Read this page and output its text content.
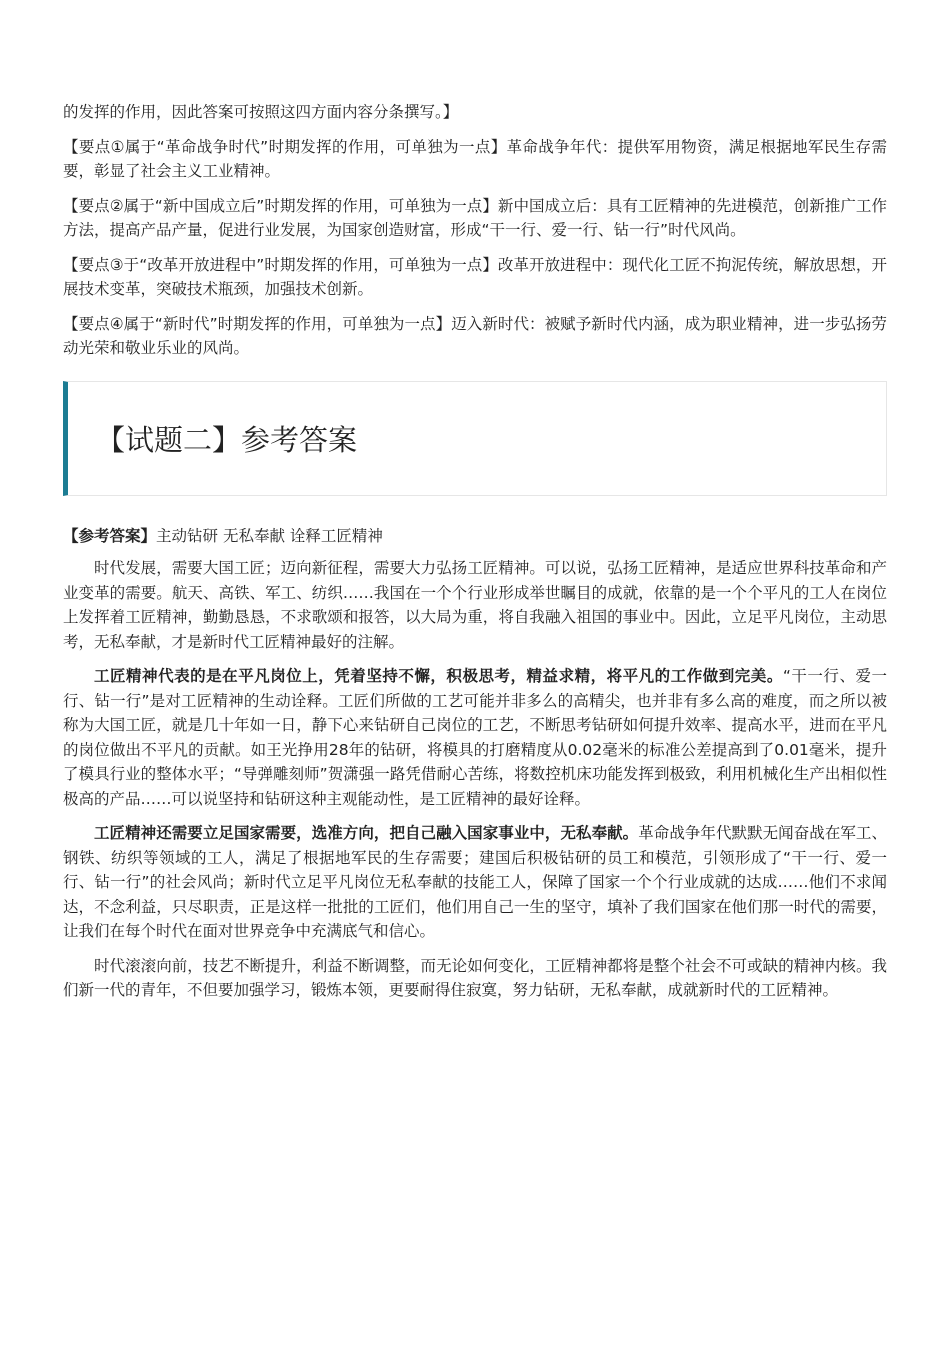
的发挥的作用，因此答案可按照这四方面内容分条撰写。】

【要点①属于“革命战争时代”时期发挥的作用，可单独为一点】革命战争年代：提供军用物资，满足根据地军民生存需要，彰显了社会主义工业精神。

【要点②属于“新中国成立后”时期发挥的作用，可单独为一点】新中国成立后：具有工匠精神的先进模范，创新推广工作方法，提高产品产量，促进行业发展，为国家创造财富，形成“干一行、爱一行、钻一行”时代风尚。

【要点③于“改革开放进程中”时期发挥的作用，可单独为一点】改革开放进程中：现代化工匠不拘泥传统，解放思想，开展技术变革，突破技术瓶颈，加强技术创新。

【要点④属于“新时代”时期发挥的作用，可单独为一点】迈入新时代：被赋予新时代内涵，成为职业精神，进一步弘扬劳动光荣和敬业乐业的风尚。

【试题二】参考答案

【参考答案】主动钻研 无私奉献 诠释工匠精神

时代发展，需要大国工匠；迈向新征程，需要大力弘扬工匠精神。可以说，弘扬工匠精神，是适应世界科技革命和产业变革的需要。航天、高铁、军工、纺织……我国在一个个行业形成举世瞩目的成就，依靠的是一个个平凡的工人在岗位上发挥着工匠精神，勤勤恳恳，不求歌颂和报答，以大局为重，将自我融入祖国的事业中。因此，立足平凡岗位，主动思考，无私奉献，才是新时代工匠精神最好的注解。

工匠精神代表的是在平凡岗位上，凭着坚持不懈，积极思考，精益求精，将平凡的工作做到完美。“干一行、爱一行、钻一行”是对工匠精神的生动诠释。工匠们所做的工艺可能并非多么的高精尖，也并非有多么高的难度，而之所以被称为大国工匠，就是几十年如一日，静下心来钻研自己岗位的工艺，不断思考钻研如何提升效率、提高水平，进而在平凡的岗位做出不平凡的贡献。如王光挣用28年的钻研，将模具的打磨精度从0.02毫米的标准公差提高到了0.01毫米，提升了模具行业的整体水平；“导弹雕刻师”贺潇强一路凭借耐心苦练，将数控机床功能发挥到极致，利用机械化生产出相似性极高的产品……可以说坚持和钻研这种主观能动性，是工匠精神的最好诠释。

工匠精神还需要立足国家需要，选准方向，把自己融入国家事业中，无私奉献。革命战争年代默默无闻奋战在军工、钢铁、纺织等领域的工人，满足了根据地军民的生存需要；建国后积极钻研的员工和模范，引领形成了“干一行、爱一行、钻一行”的社会风尚；新时代立足平凡岗位无私奉献的技能工人，保障了国家一个个行业成就的达成……他们不求闻达，不念利益，只尽职责，正是这样一批批的工匠们，他们用自己一生的坚守，填补了我们国家在他们那一时代的需要，让我们在每个时代在面对世界竞争中充满底气和信心。

时代滚滚向前，技艺不断提升，利益不断调整，而无论如何变化，工匠精神都将是整个社会不可或缺的精神内核。我们新一代的青年，不但要加强学习，锻炼本领，更要耐得住寂寞，努力钻研，无私奉献，成就新时代的工匠精神。
